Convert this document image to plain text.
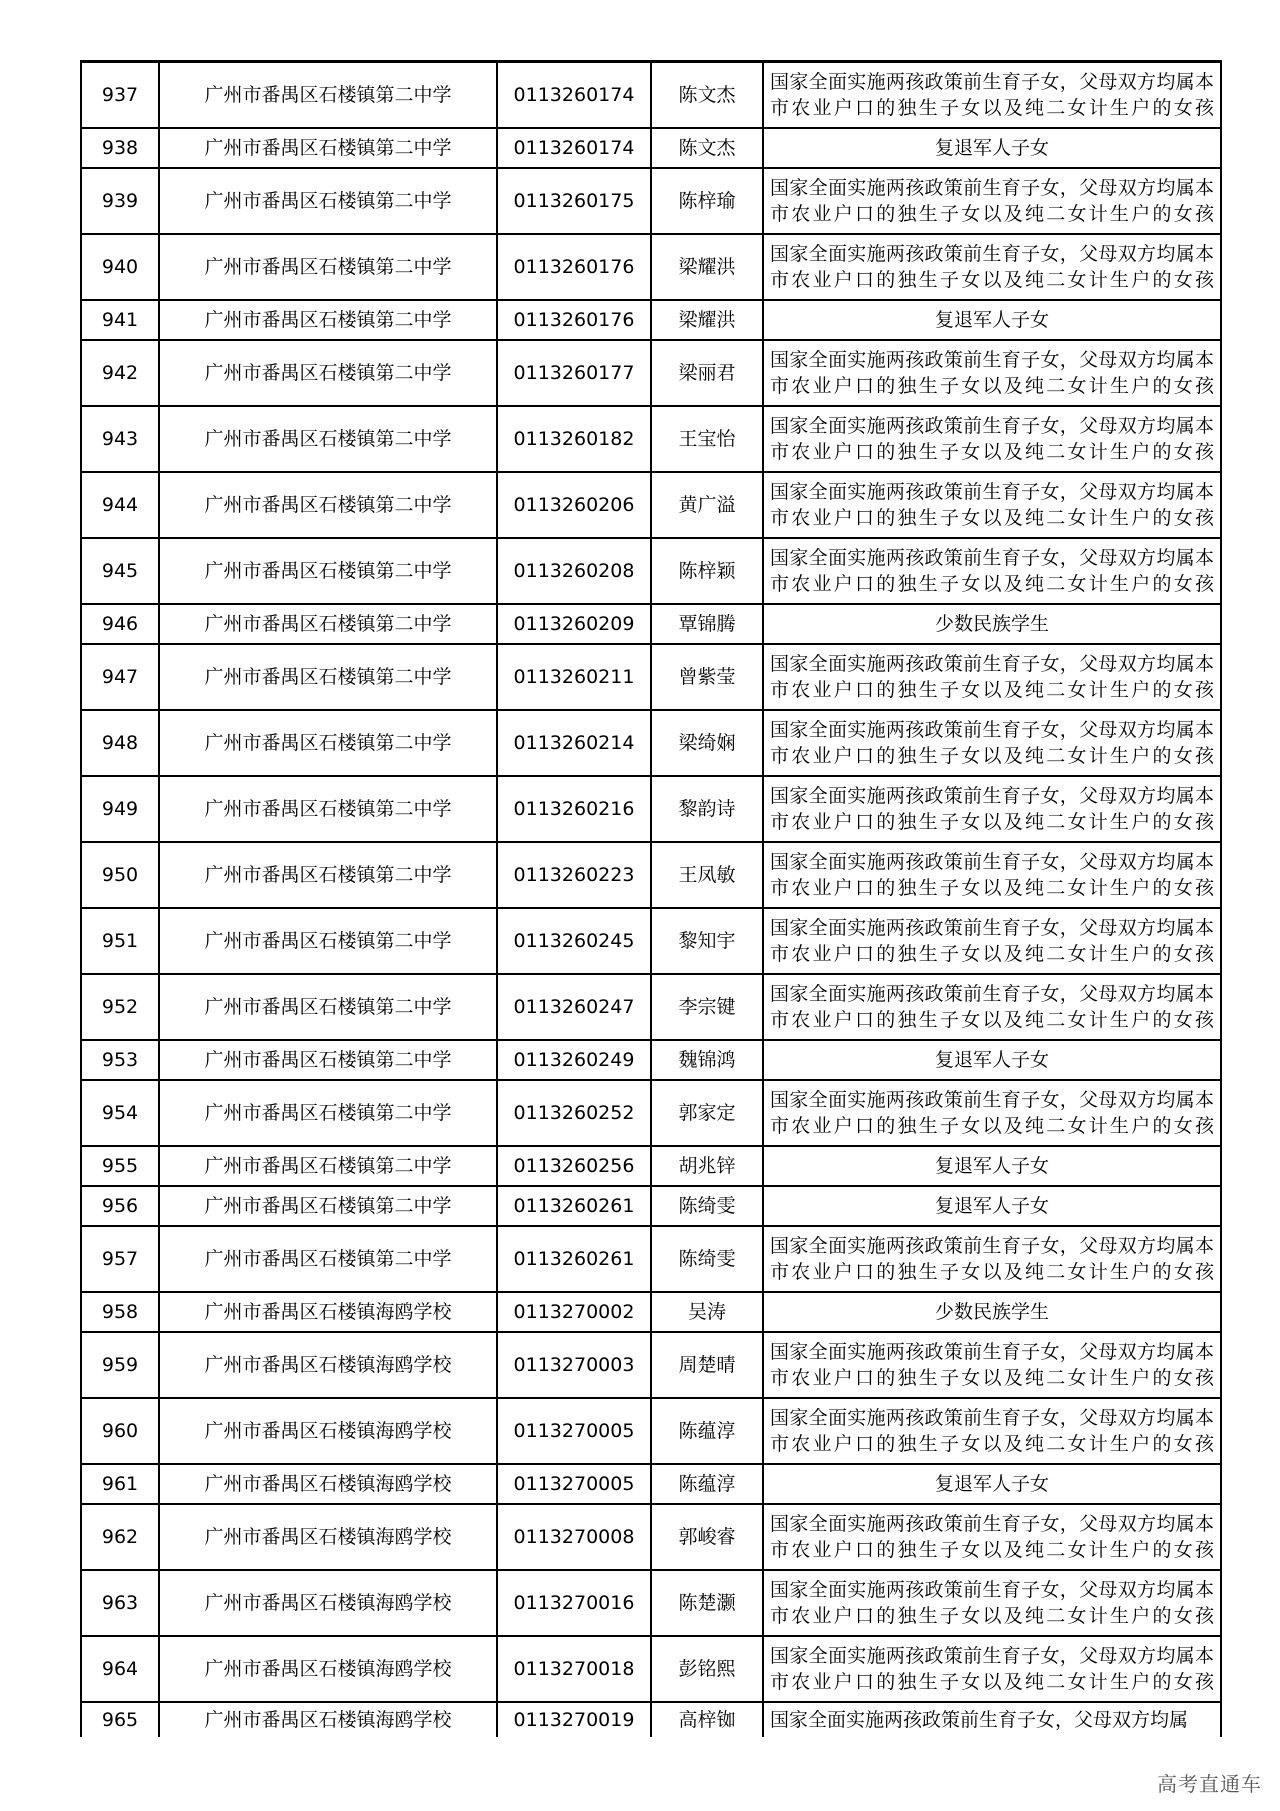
937	广州市番禺区石楼镇第二中学	0113260174	陈文杰	国家全面实施两孩政策前生育子女，父母双方均属本市农业户口的独生子女以及纯二女计生户的女孩

938	广州市番禺区石楼镇第二中学	0113260174	陈文杰	复退军人子女

939	广州市番禺区石楼镇第二中学	0113260175	陈梓瑜	国家全面实施两孩政策前生育子女，父母双方均属本市农业户口的独生子女以及纯二女计生户的女孩

940	广州市番禺区石楼镇第二中学	0113260176	梁耀洪	国家全面实施两孩政策前生育子女，父母双方均属本市农业户口的独生子女以及纯二女计生户的女孩

941	广州市番禺区石楼镇第二中学	0113260176	梁耀洪	复退军人子女

942	广州市番禺区石楼镇第二中学	0113260177	梁丽君	国家全面实施两孩政策前生育子女，父母双方均属本市农业户口的独生子女以及纯二女计生户的女孩

943	广州市番禺区石楼镇第二中学	0113260182	王宝怡	国家全面实施两孩政策前生育子女，父母双方均属本市农业户口的独生子女以及纯二女计生户的女孩

944	广州市番禺区石楼镇第二中学	0113260206	黄广溢	国家全面实施两孩政策前生育子女，父母双方均属本市农业户口的独生子女以及纯二女计生户的女孩

945	广州市番禺区石楼镇第二中学	0113260208	陈梓颖	国家全面实施两孩政策前生育子女，父母双方均属本市农业户口的独生子女以及纯二女计生户的女孩

946	广州市番禺区石楼镇第二中学	0113260209	覃锦腾	少数民族学生

947	广州市番禺区石楼镇第二中学	0113260211	曾紫莹	国家全面实施两孩政策前生育子女，父母双方均属本市农业户口的独生子女以及纯二女计生户的女孩

948	广州市番禺区石楼镇第二中学	0113260214	梁绮娴	国家全面实施两孩政策前生育子女，父母双方均属本市农业户口的独生子女以及纯二女计生户的女孩

949	广州市番禺区石楼镇第二中学	0113260216	黎韵诗	国家全面实施两孩政策前生育子女，父母双方均属本市农业户口的独生子女以及纯二女计生户的女孩

950	广州市番禺区石楼镇第二中学	0113260223	王凤敏	国家全面实施两孩政策前生育子女，父母双方均属本市农业户口的独生子女以及纯二女计生户的女孩

951	广州市番禺区石楼镇第二中学	0113260245	黎知宇	国家全面实施两孩政策前生育子女，父母双方均属本市农业户口的独生子女以及纯二女计生户的女孩

952	广州市番禺区石楼镇第二中学	0113260247	李宗键	国家全面实施两孩政策前生育子女，父母双方均属本市农业户口的独生子女以及纯二女计生户的女孩

953	广州市番禺区石楼镇第二中学	0113260249	魏锦鸿	复退军人子女

954	广州市番禺区石楼镇第二中学	0113260252	郭家定	国家全面实施两孩政策前生育子女，父母双方均属本市农业户口的独生子女以及纯二女计生户的女孩

955	广州市番禺区石楼镇第二中学	0113260256	胡兆锌	复退军人子女

956	广州市番禺区石楼镇第二中学	0113260261	陈绮雯	复退军人子女

957	广州市番禺区石楼镇第二中学	0113260261	陈绮雯	国家全面实施两孩政策前生育子女，父母双方均属本市农业户口的独生子女以及纯二女计生户的女孩

958	广州市番禺区石楼镇海鸥学校	0113270002	吴涛	少数民族学生

959	广州市番禺区石楼镇海鸥学校	0113270003	周楚晴	国家全面实施两孩政策前生育子女，父母双方均属本市农业户口的独生子女以及纯二女计生户的女孩

960	广州市番禺区石楼镇海鸥学校	0113270005	陈蕴淳	国家全面实施两孩政策前生育子女，父母双方均属本市农业户口的独生子女以及纯二女计生户的女孩

961	广州市番禺区石楼镇海鸥学校	0113270005	陈蕴淳	复退军人子女

962	广州市番禺区石楼镇海鸥学校	0113270008	郭峻睿	国家全面实施两孩政策前生育子女，父母双方均属本市农业户口的独生子女以及纯二女计生户的女孩

963	广州市番禺区石楼镇海鸥学校	0113270016	陈楚灏	国家全面实施两孩政策前生育子女，父母双方均属本市农业户口的独生子女以及纯二女计生户的女孩

964	广州市番禺区石楼镇海鸥学校	0113270018	彭铭熙	国家全面实施两孩政策前生育子女，父母双方均属本市农业户口的独生子女以及纯二女计生户的女孩

965	广州市番禺区石楼镇海鸥学校	0113270019	高梓铷	国家全面实施两孩政策前生育子女，父母双方均属
高考直通车
